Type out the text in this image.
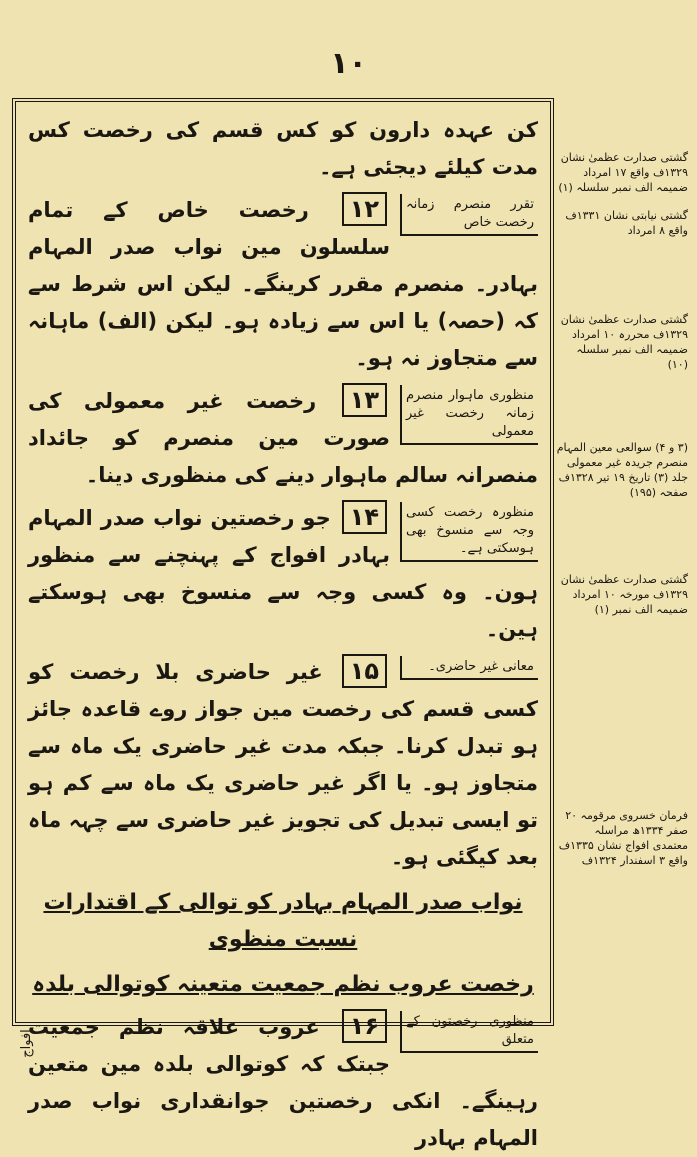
۱۰

کن عہدہ دارون کو کس قسم کی رخصت کس مدت کیلئے دیجئی ہے۔

تقرر منصرم زمانہ رخصت خاص
۱۲ رخصت خاص کے تمام سلسلون مین نواب صدر المہام بہادر۔ منصرم مقرر کرینگے۔ لیکن اس شرط سے کہ (حصہ) یا اس سے زیادہ ہو۔ لیکن (الف) ماہانہ سے متجاوز نہ ہو۔
منظوری ماہوار منصرم زمانہ رخصت غیر معمولی
۱۳ رخصت غیر معمولی کی صورت مین منصرم کو جائداد منصرانہ سالم ماہوار دینے کی منظوری دینا۔
منظورہ رخصت کسی وجہ سے منسوخ بھی ہوسکتی ہے۔
۱۴ جو رخصتین نواب صدر المہام بہادر افواج کے پہنچنے سے منظور ہون۔ وہ کسی وجہ سے منسوخ بھی ہوسکتے ہین۔
معانی غیر حاضری۔
۱۵ غیر حاضری بلا رخصت کو کسی قسم کی رخصت مین جواز روے قاعدہ جائز ہو تبدل کرنا۔ جبکہ مدت غیر حاضری یک ماہ سے متجاوز ہو۔ یا اگر غیر حاضری یک ماہ سے کم ہو تو ایسی تبدیل کی تجویز غیر حاضری سے چہہ ماہ بعد کیگئی ہو۔
نواب صدر المہام بہادر کو توالی کے اقتدارات نسبت منظوی
رخصت عروب نظم جمعیت متعینہ کوتوالی بلدہ
منظوری رخصتون کے متعلق
۱۶ عروب علاقہ نظم جمعیت جبتک کہ کوتوالی بلدہ مین متعین رہینگے۔ انکی رخصتین جوانقداری نواب صدر المہام بہادر
گشتی صدارت عظمیٰ نشان ۱۳۲۹ف واقع ۱۷ امرداد ضمیمہ الف نمبر سلسلہ (۱)
گشتی نیابتی نشان ۱۳۳۱ف واقع ۸ امرداد
گشتی صدارت عظمیٰ نشان ۱۳۲۹ف محررہ ۱۰ امرداد ضمیمہ الف نمبر سلسلہ (۱۰)
(۳ و ۴) سوالعی معین المہام منصرم جریدہ غیر معمولی جلد (۳) تاریخ ۱۹ تیر ۱۳۲۸ف صفحہ (۱۹۵)
گشتی صدارت عظمیٰ نشان ۱۳۲۹ف مورخہ ۱۰ امرداد ضمیمہ الف نمبر (۱)
فرمان خسروی مرقومہ ۲۰ صفر ۱۳۳۴ھ مراسلہ معتمدی افواج نشان ۱۳۳۵ف واقع ۳ اسفندار ۱۳۲۴ف
افواج
